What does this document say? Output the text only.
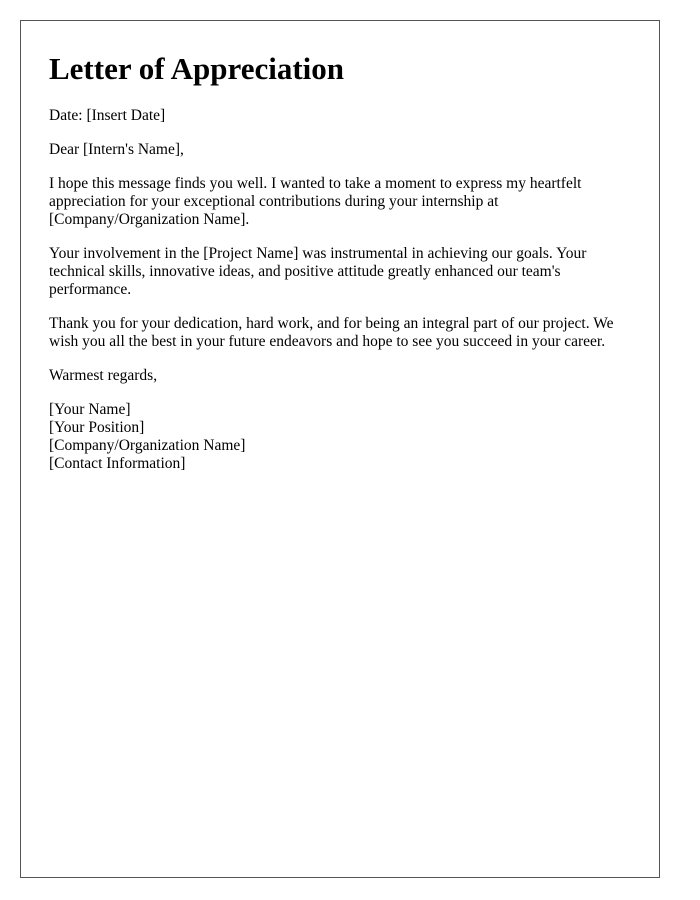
Letter of Appreciation

Date: [Insert Date]

Dear [Intern's Name],

I hope this message finds you well. I wanted to take a moment to express my heartfelt appreciation for your exceptional contributions during your internship at [Company/Organization Name].

Your involvement in the [Project Name] was instrumental in achieving our goals. Your technical skills, innovative ideas, and positive attitude greatly enhanced our team's performance.

Thank you for your dedication, hard work, and for being an integral part of our project. We wish you all the best in your future endeavors and hope to see you succeed in your career.

Warmest regards,

[Your Name]
[Your Position]
[Company/Organization Name]
[Contact Information]
